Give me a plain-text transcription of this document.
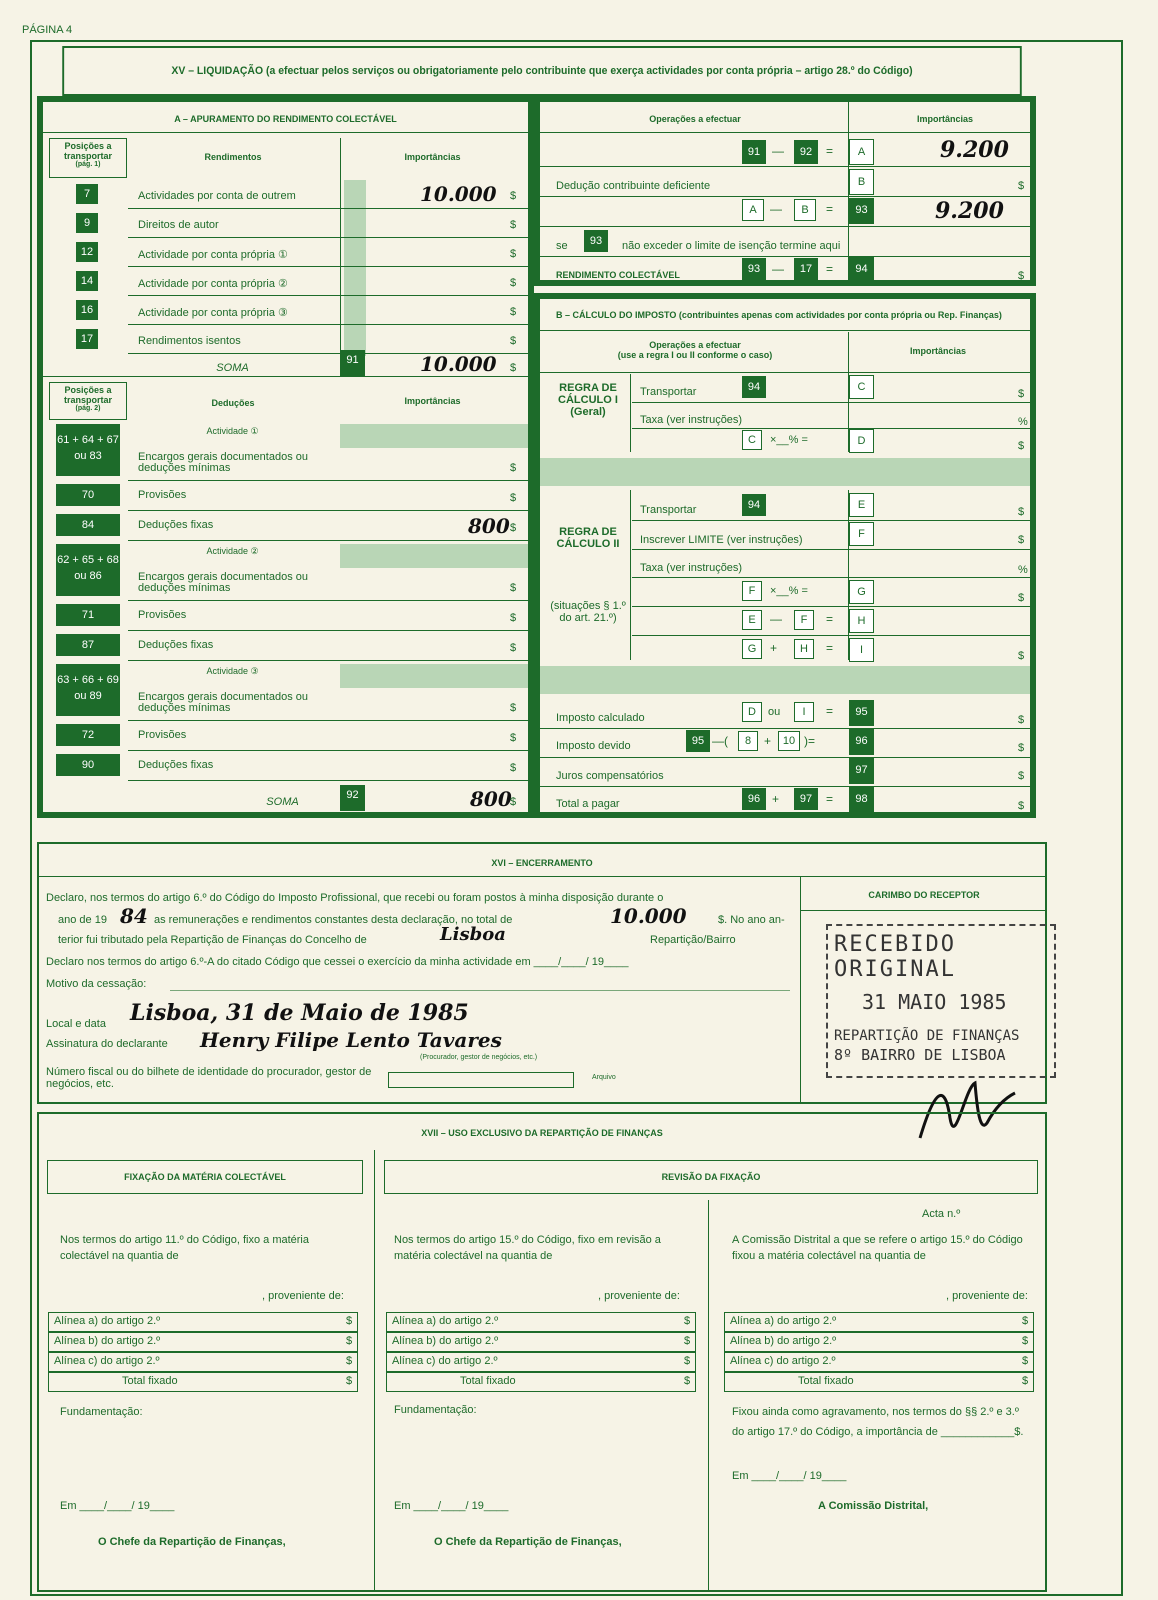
PÁGINA 4
XV – LIQUIDAÇÃO (a efectuar pelos serviços ou obrigatoriamente pelo contribuinte que exerça actividades por conta própria – artigo 28.º do Código)
A – APURAMENTO DO RENDIMENTO COLECTÁVEL
Posições a transportar
(pág. 1)
Rendimentos	Importâncias
7	Actividades por conta de outrem	10.000 $
9	Direitos de autor	$
12	Actividade por conta própria ①	$
14	Actividade por conta própria ②	$
16	Actividade por conta própria ③	$
17	Rendimentos isentos	$
SOMA
91	10.000 $
Posições a transportar
(pág. 2)
Deduções	Importâncias
Actividade ①
Actividade ②
Actividade ③
61 + 64 + 67 ou 83	Encargos gerais documentados ou deduções mínimas	$
70	Provisões	$
84	Deduções fixas	800 $
62 + 65 + 68 ou 86	Encargos gerais documentados ou deduções mínimas	$
71	Provisões	$
87	Deduções fixas	$
63 + 66 + 69 ou 89	Encargos gerais documentados ou deduções mínimas	$
72	Provisões	$
90	Deduções fixas	$
SOMA
92	800
$
Operações a efectuar	Importâncias
91 —	92	=	A	9.200
Dedução contribuinte deficiente	B	$
A	—	B	=	93	9.200
se	93	não exceder o limite de isenção termine aqui
RENDIMENTO COLECTÁVEL	93 —	17	=	94
$
B – CÁLCULO DO IMPOSTO (contribuintes apenas com actividades por conta própria ou Rep. Finanças)
Operações a efectuar
(use a regra I ou II conforme o caso)	Importâncias
REGRA DE CÁLCULO I (Geral)
Transportar	94	C
$
Taxa (ver instruções)	%
C	×__% =	D	$
REGRA DE CÁLCULO II
(situações § 1.º do art. 21.º)
Transportar	94	E
$
Inscrever LIMITE (ver instruções)	F	$
Taxa (ver instruções)	%
F	×__% =	G	$
E	—	F	=	H
G	+	H	=	I	$
Imposto calculado	D	ou	I	=	95
$
Imposto devido	95 —(	8	+	10 )=	96
$
Juros compensatórios	97	$
Total a pagar	96 +	97	=	98
$
XVI – ENCERRAMENTO
Declaro, nos termos do artigo 6.º do Código do Imposto Profissional, que recebi ou foram postos à minha disposição durante o
ano de 19 84 as remunerações e rendimentos constantes desta declaração, no total de	10.000	$. No ano an-
terior fui tributado pela Repartição de Finanças do Concelho de	Lisboa	Repartição/Bairro
Declaro nos termos do artigo 6.º-A do citado Código que cessei o exercício da minha actividade em ____/____/ 19____
Motivo da cessação:
Local e data Lisboa, 31 de Maio de 1985
Assinatura do declarante Henry Filipe Lento Tavares
(Procurador, gestor de negócios, etc.)
Número fiscal ou do bilhete de identidade do procurador, gestor de negócios, etc.
Arquivo
CARIMBO DO RECEPTOR
RECEBIDO ORIGINAL
31 MAIO 1985
REPARTIÇÃO DE FINANÇAS
8º BAIRRO DE LISBOA
XVII – USO EXCLUSIVO DA REPARTIÇÃO DE FINANÇAS
FIXAÇÃO DA MATÉRIA COLECTÁVEL
Nos termos do artigo 11.º do Código, fixo a matéria colectável na quantia de
, proveniente de:
Alínea a) do artigo 2.º	$
Alínea b) do artigo 2.º	$
Alínea c) do artigo 2.º	$
Total fixado	$
Fundamentação:
Em ____/____/ 19____
O Chefe da Repartição de Finanças,
REVISÃO DA FIXAÇÃO
Acta n.º
Nos termos do artigo 15.º do Código, fixo em revisão a matéria colectável na quantia de
, proveniente de:
Alínea a) do artigo 2.º	$
Alínea b) do artigo 2.º	$
Alínea c) do artigo 2.º	$
Total fixado	$
Fundamentação:
Em ____/____/ 19____
O Chefe da Repartição de Finanças,
A Comissão Distrital a que se refere o artigo 15.º do Código fixou a matéria colectável na quantia de
, proveniente de:
Alínea a) do artigo 2.º	$
Alínea b) do artigo 2.º	$
Alínea c) do artigo 2.º	$
Total fixado	$
Fixou ainda como agravamento, nos termos do §§ 2.º e 3.º do artigo 17.º do Código, a importância de ____________$.
Em ____/____/ 19____
A Comissão Distrital,
